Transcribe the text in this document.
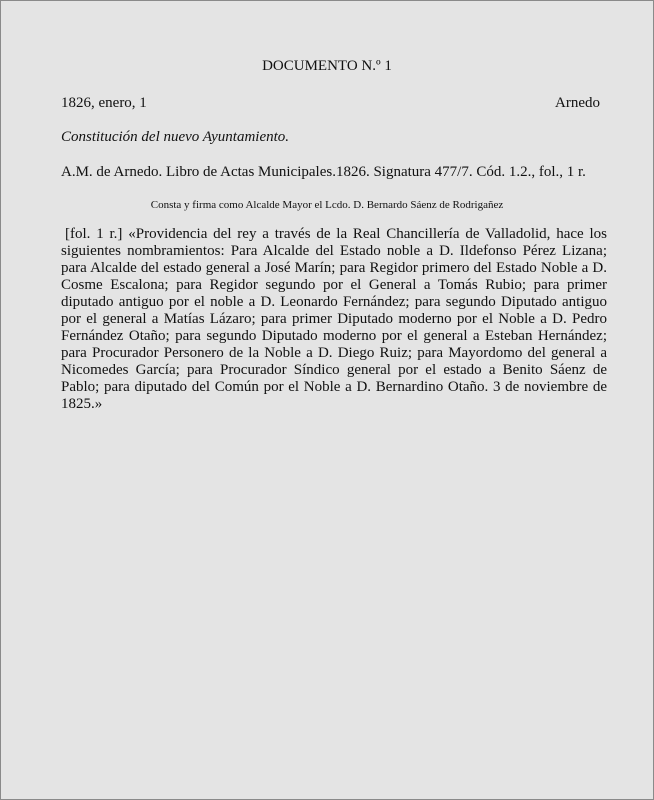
DOCUMENTO N.º 1
1826, enero, 1	Arnedo
Constitución del nuevo Ayuntamiento.
A.M. de Arnedo. Libro de Actas Municipales.1826. Signatura 477/7. Cód. 1.2., fol., 1 r.
Consta y firma como Alcalde Mayor el Lcdo. D. Bernardo Sáenz de Rodrigañez
[fol. 1 r.] «Providencia del rey a través de la Real Chancillería de Valladolid, hace los siguientes nombramientos: Para Alcalde del Estado noble a D. Ildefonso Pérez Lizana; para Alcalde del estado general a José Marín; para Regidor primero del Estado Noble a D. Cosme Escalona; para Regidor segundo por el General a Tomás Rubio; para primer diputado antiguo por el noble a D. Leonardo Fernández; para segundo Diputado antiguo por el general a Matías Lázaro; para primer Diputado moderno por el Noble a D. Pedro Fernández Otaño; para segundo Diputado moderno por el general a Esteban Hernández; para Procurador Personero de la Noble a D. Diego Ruiz; para Mayordomo del general a Nicomedes García; para Procurador Síndico general por el estado a Benito Sáenz de Pablo; para diputado del Común por el Noble a D. Bernardino Otaño. 3 de noviembre de 1825.»
